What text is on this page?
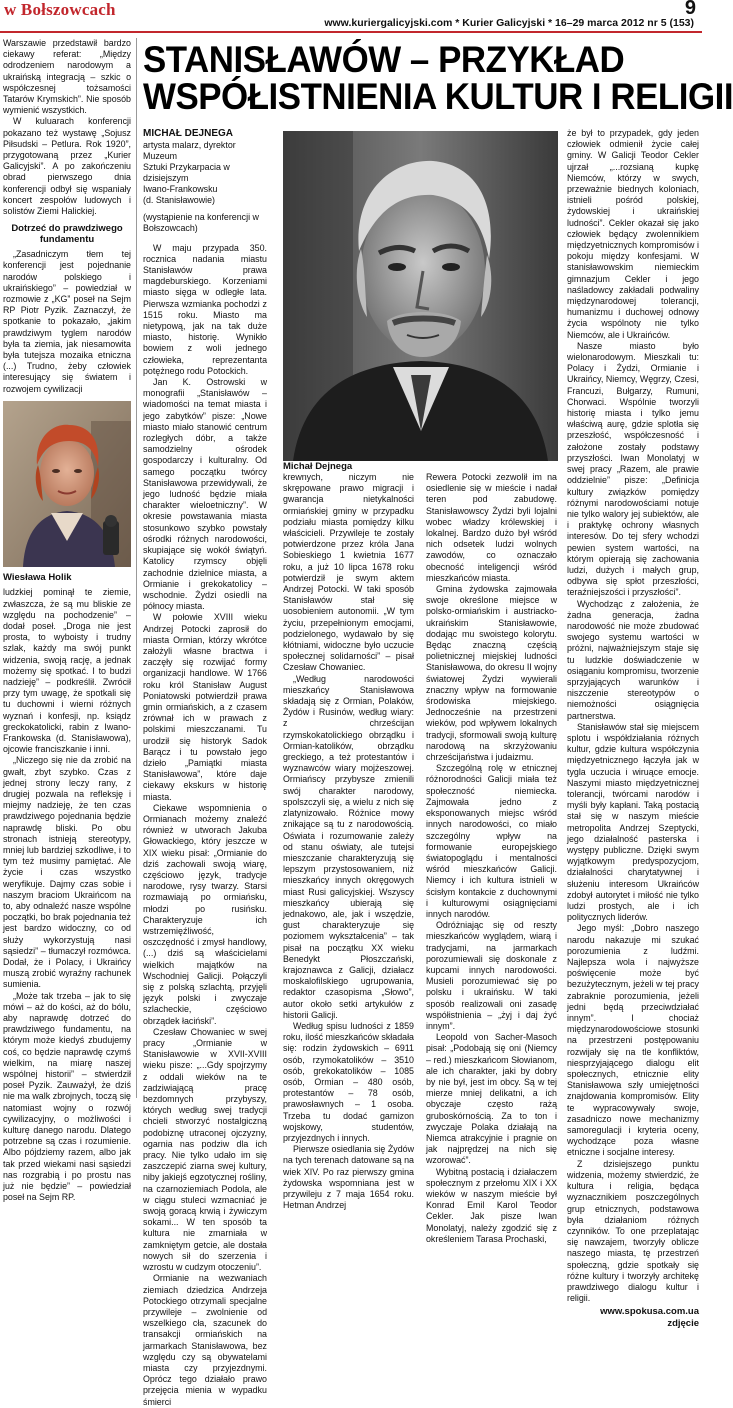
w Bołszowcach
www.kuriergalicyjski.com * Kurier Galicyjski * 16–29 marca 2012 nr 5 (153)
9

Warszawie przedstawił bardzo ciekawy referat: „Między odrodzeniem narodowym a ukraińską integracją – szkic o współczesnej tożsamości Tatarów Krymskich”. Nie sposób wymienić wszystkich.

W kuluarach konferencji pokazano też wystawę „Sojusz Piłsudski – Petlura. Rok 1920”, przygotowaną przez „Kurier Galicyjski”. A po zakończeniu obrad pierwszego dnia konferencji odbył się wspaniały koncert zespołów ludowych i solistów Ziemi Halickiej.

Dotrzeć do prawdziwego fundamentu

„Zasadniczym tłem tej konferencji jest pojednanie narodów polskiego i ukraińskiego” – powiedział w rozmowie z „KG” poseł na Sejm RP Piotr Pyzik. Zaznaczył, że spotkanie to pokazało, „jakim prawdziwym tyglem narodów była ta ziemia, jak niesamowita była tutejsza mozaika etniczna (...) Trudno, żeby człowiek interesujący się światem i rozwojem cywilizacji

Wiesława Holik

ludzkiej pominął te ziemie, zwłaszcza, że są mu bliskie ze względu na pochodzenie” – dodał poseł. „Droga nie jest prosta, to wyboisty i trudny szlak, każdy ma swój punkt widzenia, swoją rację, a jednak możemy się spotkać. I to budzi nadzieję” – podkreślił. Zwrócił przy tym uwagę, że spotkali się tu duchowni i wierni różnych wyznań i konfesji, np. ksiądz greckokatolicki, rabin z Iwano-Frankowska (d. Stanisławowa), ojcowie franciszkanie i inni.

„Niczego się nie da zrobić na gwałt, zbyt szybko. Czas z jednej strony leczy rany, z drugiej pozwala na refleksję i miejmy nadzieję, że ten czas prawdziwego pojednania będzie naprawdę bliski. Po obu stronach istnieją stereotypy, mniej lub bardziej szkodliwe, i to tym też musimy pamiętać. Ale życie i czas wszystko weryfikuje. Dajmy czas sobie i naszym braciom Ukraińcom na to, aby odnaleźć nasze wspólne początki, bo brak pojednania też jest bardzo widoczny, co od służy wykorzystują nasi sąsiedzi” – tłumaczył rozmówca. Dodał, że i Polacy, i Ukraińcy muszą zrobić wyraźny rachunek sumienia.

„Może tak trzeba – jak to się mówi – aż do kości, aż do bólu, aby naprawdę dotrzeć do prawdziwego fundamentu, na którym może kiedyś zbudujemy coś, co będzie naprawdę czymś wielkim, na miarę naszej wspólnej historii” – stwierdził poseł Pyzik. Zauważył, że dziś nie ma walk zbrojnych, toczą się natomiast wojny o rozwój cywilizacyjny, o możliwości i kulturę danego narodu. Dlatego potrzebne są czas i rozumienie. Albo pójdziemy razem, albo jak tak przed wiekami nasi sąsiedzi nas rozgrabią i po prostu nas już nie będzie” – powiedział poseł na Sejm RP.

STANISŁAWÓW – PRZYKŁAD
WSPÓŁISTNIENIA KULTUR I RELIGII
MICHAŁ DEJNEGA
artysta malarz, dyrektor Muzeum
Sztuki Przykarpacia w dzisiejszym
Iwano-Frankowsku
(d. Stanisławowie)

(wystąpienie na konferencji w Bołszowcach)

W maju przypada 350. rocznica nadania miastu Stanisławów prawa magdeburskiego. Korzeniami miasto sięga w odległe lata. Pierwsza wzmianka pochodzi z 1515 roku. Miasto ma nietypową, jak na tak duże miasto, historię. Wynikło bowiem z woli jednego człowieka, reprezentanta potężnego rodu Potockich.

Jan K. Ostrowski w monografii „Stanisławów – wiadomości na temat miasta i jego zabytków” pisze: „Nowe miasto miało stanowić centrum rozległych dóbr, a także samodzielny ośrodek gospodarczy i kulturalny. Od samego początku twórcy Stanisławowa przewidywali, że jego ludność będzie miała charakter wieloetniczny”. W okresie powstawania miasta stosunkowo szybko powstały ośrodki różnych narodowości, skupiające się wokół świątyń. Katolicy rzymscy objęli zachodnie dzielnice miasta, a Ormianie i grekokatolicy – wschodnie. Żydzi osiedli na północy miasta.

W połowie XVIII wieku Andrzej Potocki zaprosił do miasta Ormian, którzy wkrótce założyli własne bractwa i zaczęły się rozwijać formy organizacji handlowe. W 1766 roku król Stanisław August Poniatowski potwierdził prawa gmin ormiańskich, a z czasem zrównał ich w prawach z polskimi mieszczanami. Tu urodził się historyk Sadok Barącz i tu powstało jego dzieło „Pamiątki miasta Stanisławowa”, które daje ciekawy ekskurs w historię miasta.

Ciekawe wspomnienia o Ormianach możemy znaleźć również w utworach Jakuba Głowackiego, który jeszcze w XIX wieku pisał: „Ormianie do dziś zachowali swoją wiarę, częściowo język, tradycje narodowe, rysy twarzy. Starsi rozmawiają po ormiańsku, młodzi po rusińsku. Charakteryzuje ich wstrzemięźliwość, oszczędność i zmysł handlowy, (...) dziś są właścicielami wielkich majątków na Wschodniej Galicji. Połączyli się z polską szlachtą, przyjęli język polski i zwyczaje szlacheckie, częściowo obrządek łaciński”.

Czesław Chowaniec w swej pracy „Ormianie w Stanisławowie w XVII-XVIII wieku pisze: „...Gdy spojrzymy z oddali wieków na te zadziwiającą pracę bezdomnych przybyszy, których według swej tradycji chcieli stworzyć nostalgiczną podobiznę utraconej ojczyzny, ogarnia nas podziw dla ich pracy. Nie tylko udało im się zaszczepić ziarna swej kultury, niby jakiejś egzotycznej rośliny, na czarnoziemiach Podola, ale w ciągu stuleci wzmacniać je swoją goracą krwią i żywiczym sokami... W ten sposób ta kultura nie zmarniała w zamkniętym getcie, ale dostała nowych sił do szerzenia i wzrostu w cudzym otoczeniu”.

Ormianie na wezwaniach ziemiach dziedzica Andrzeja Potockiego otrzymali specjalne przywileje – zwolnienie od wszelkiego cła, szacunek do transakcji ormiańskich na jarmarkach Stanisławowa, bez względu czy są obywatelami miasta czy przyjezdnymi. Oprócz tego działało prawo przejęcia mienia w wypadku śmierci

Michał Dejnega

krewnych, niczym nie skrępowane prawo migracji i gwarancja nietykalności ormiańskiej gminy w przypadku podziału miasta pomiędzy kilku właścicieli. Przywileje te zostały potwierdzone przez króla Jana Sobieskiego 1 kwietnia 1677 roku, a już 10 lipca 1678 roku potwierdził je swym aktem Andrzej Potocki. W taki sposób Stanisławów stał się uosobieniem autonomii. „W tym życiu, przepełnionym emocjami, podzielonego, wydawało by się kłótniami, widoczne było uczucie społecznej solidarności” – pisał Czesław Chowaniec.

„Według narodowości mieszkańcy Stanisławowa składają się z Ormian, Polaków, Żydów i Rusinów, według wiary: z chrześcijan rzymskokatolickiego obrządku i Ormian-katolików, obrządku greckiego, a też protestantów i wyznawców wiary mojżeszowej. Ormiańscy przybysze zmienili swój charakter narodowy, spolszczyli się, a wielu z nich się zlatynizowało. Różnice mowy znikające są tu z narodowością. Oświata i rozumowanie zależy od stanu oświaty, ale tutejsi mieszczanie charakteryzują się lepszym przystosowaniem, niż mieszkańcy innych okręgowych miast Rusi galicyjskiej. Wszyscy mieszkańcy ubierają się jednakowo, ale, jak i wszędzie, gust charakteryzuje się poziomem wykształcenia” – tak pisał na początku XX wieku Benedykt Płoszczański, krajoznawca z Galicji, działacz moskalofilskiego ugrupowania, redaktor czasopisma „Słowo”, autor około setki artykułów z historii Galicji.

Według spisu ludności z 1859 roku, ilość mieszkańców składała się: rodzin żydowskich – 6911 osób, rzymokatolików – 3510 osób, grekokatolików – 1085 osób, Ormian – 480 osób, protestantów – 78 osób, prawosławnych – 1 osoba. Trzeba tu dodać garnizon wojskowy, studentów, przyjezdnych i innych.

Pierwsze osiedlania się Żydów na tych terenach datowane są na wiek XIV. Po raz pierwszy gmina żydowska wspomniana jest w przywileju z 7 maja 1654 roku. Hetman Andrzej

Rewera Potocki zezwolił im na osiedlenie się w mieście i nadał teren pod zabudowę. Stanisławowscy Żydzi byli lojalni wobec władzy królewskiej i lokalnej. Bardzo dużo był wśród nich odsetek ludzi wolnych zawodów, co oznaczało obecność inteligencji wśród mieszkańców miasta.

Gmina żydowska zajmowała swoje określone miejsce w polsko-ormiańskim i austriacko-ukraińskim Stanisławowie, dodając mu swoistego kolorytu. Będąc znaczną częścią polietnicznej miejskiej ludności Stanisławowa, do okresu II wojny światowej Żydzi wywierali znaczny wpływ na formowanie środowiska miejskiego. Jednocześnie na przestrzeni wieków, pod wpływem lokalnych tradycji, sformowali swoją kulturę narodową na skrzyżowaniu chrześcijaństwa i judaizmu.

Szczególną rolę w etnicznej różnorodności Galicji miała też społeczność niemiecka. Zajmowała jedno z eksponowanych miejsc wśród innych narodowości, co miało szczególny wpływ na formowanie europejskiego światopoglądu i mentalności wśród mieszkańców Galicji. Niemcy i ich kultura istnieli w ścisłym kontakcie z duchownymi i kulturowymi osiągnięciami innych narodów.

Odróżniając się od reszty mieszkańców wyglądem, wiarą i tradycjami, na jarmarkach porozumiewali się doskonale z kupcami innych narodowości. Musieli porozumiewać się po polsku i ukraińsku. W taki sposób realizowali oni zasadę współistnienia – „żyj i daj żyć innym”.

Leopold von Sacher-Masoch pisał: „Podobają się oni (Niemcy – red.) mieszkańcom Słowianom, ale ich charakter, jaki by dobry by nie był, jest im obcy. Są w tej mierze mniej delikatni, a ich obyczaje często rażą gruboskórnością. Za to ton i zwyczaje Polaka działają na Niemca atrakcyjnie i pragnie on jak najprędzej na nich się wzorować”.

Wybitną postacią i działaczem społecznym z przełomu XIX i XX wieków w naszym mieście był Konrad Emil Karol Teodor Cekler. Jak pisze Iwan Monolatyj, należy zgodzić się z określeniem Tarasa Prochaski,

że był to przypadek, gdy jeden człowiek odmienił życie całej gminy. W Galicji Teodor Cekler ujrzał „...rozsianą kupkę Niemców, którzy w swych, przeważnie biednych koloniach, istnieli pośród polskiej, żydowskiej i ukraińskiej ludności”. Cekler okazał się jako człowiek będący zwolennikiem międzyetnicznych kompromisów i pokoju między konfesjami. W stanisławowskim niemieckim gimnazjum Cekler i jego naśladowcy zakładali podwaliny międzynarodowej tolerancji, humanizmu i duchowej odnowy życia wspólnoty nie tylko Niemców, ale i Ukraińców.

Nasze miasto było wielonarodowym. Mieszkali tu: Polacy i Żydzi, Ormianie i Ukraińcy, Niemcy, Węgrzy, Czesi, Francuzi, Bułgarzy, Rumuni, Chorwaci. Wspólnie tworzyli historię miasta i tylko jemu właściwą aurę, gdzie splotła się przeszłość, współczesność i założone zostały podstawy przyszłości. Iwan Monolatyj w swej pracy „Razem, ale prawie oddzielnie” pisze: „Definicja kultury związków pomiędzy różnymi narodowościami notuje nie tylko walory jej subiektów, ale i praktykę ochrony własnych interesów. Do tej sfery wchodzi pewien system wartości, na którym opierają się zachowania ludzi, dużych i małych grup, odbywa się spłot przeszłości, teraźniejszości i przyszłości”.

Wychodząc z założenia, że żadna generacja, żadna narodowość nie może zbudować swojego systemu wartości w próżni, najważniejszym staje się tu ludzkie doświadczenie w osiąganiu kompromisu, tworzenie sprzyjających warunków i niszczenie stereotypów o niemożności osiągnięcia partnerstwa.

Stanisławów stał się miejscem splotu i współdziałania różnych kultur, gdzie kultura współczynia międzyetnicznego łączyła jak w tygla uczucia i wiruące emocje. Naszymi miasto międzyetnicznej tolerancji, twórcami narodów i myśli były kapłani. Taką postacią stał się w naszym mieście metropolita Andrzej Szeptycki, jego działalność pasterska i występy publiczne. Dzięki swym wyjątkowym predyspozycjom, działalności charytatywnej i służeniu interesom Ukraińców zdobył autorytet i miłość nie tylko ludzi prostych, ale i ich politycznych liderów.

Jego myśl: „Dobro naszego narodu nakazuje mi szukać porozumienia z ludźmi. Najlepsza wola i najwyższe poświęcenie może być bezużytecznym, jeżeli w tej pracy zabraknie porozumienia, jeżeli jedni będą przeciwdziałać innym”. I chociaż międzynarodowościowe stosunki na przestrzeni postępowaniu rozwijały się na tle konfliktów, niesprzyjającego dialogu elit społecznych, etnicznie elity Stanisławowa szły umiejętności znajdowania kompromisów. Elity te wypracowywały swoje, zasadniczo nowe mechanizmy samoregulacji i kryteria oceny, wychodzące poza własne etniczne i socjalne interesy.

Z dzisiejszego punktu widzenia, możemy stwierdzić, że kultura i religia, będąca wyznacznikiem poszczególnych grup etnicznych, podstawowa była działaniom różnych czynników. To one przeplatając się nawzajem, tworzyły oblicze naszego miasta, tę przestrzeń społeczną, gdzie spotkały się różne kultury i tworzyły architekę prawdziwego dialogu kultur i religii.

www.spokusa.com.ua
zdjęcie
